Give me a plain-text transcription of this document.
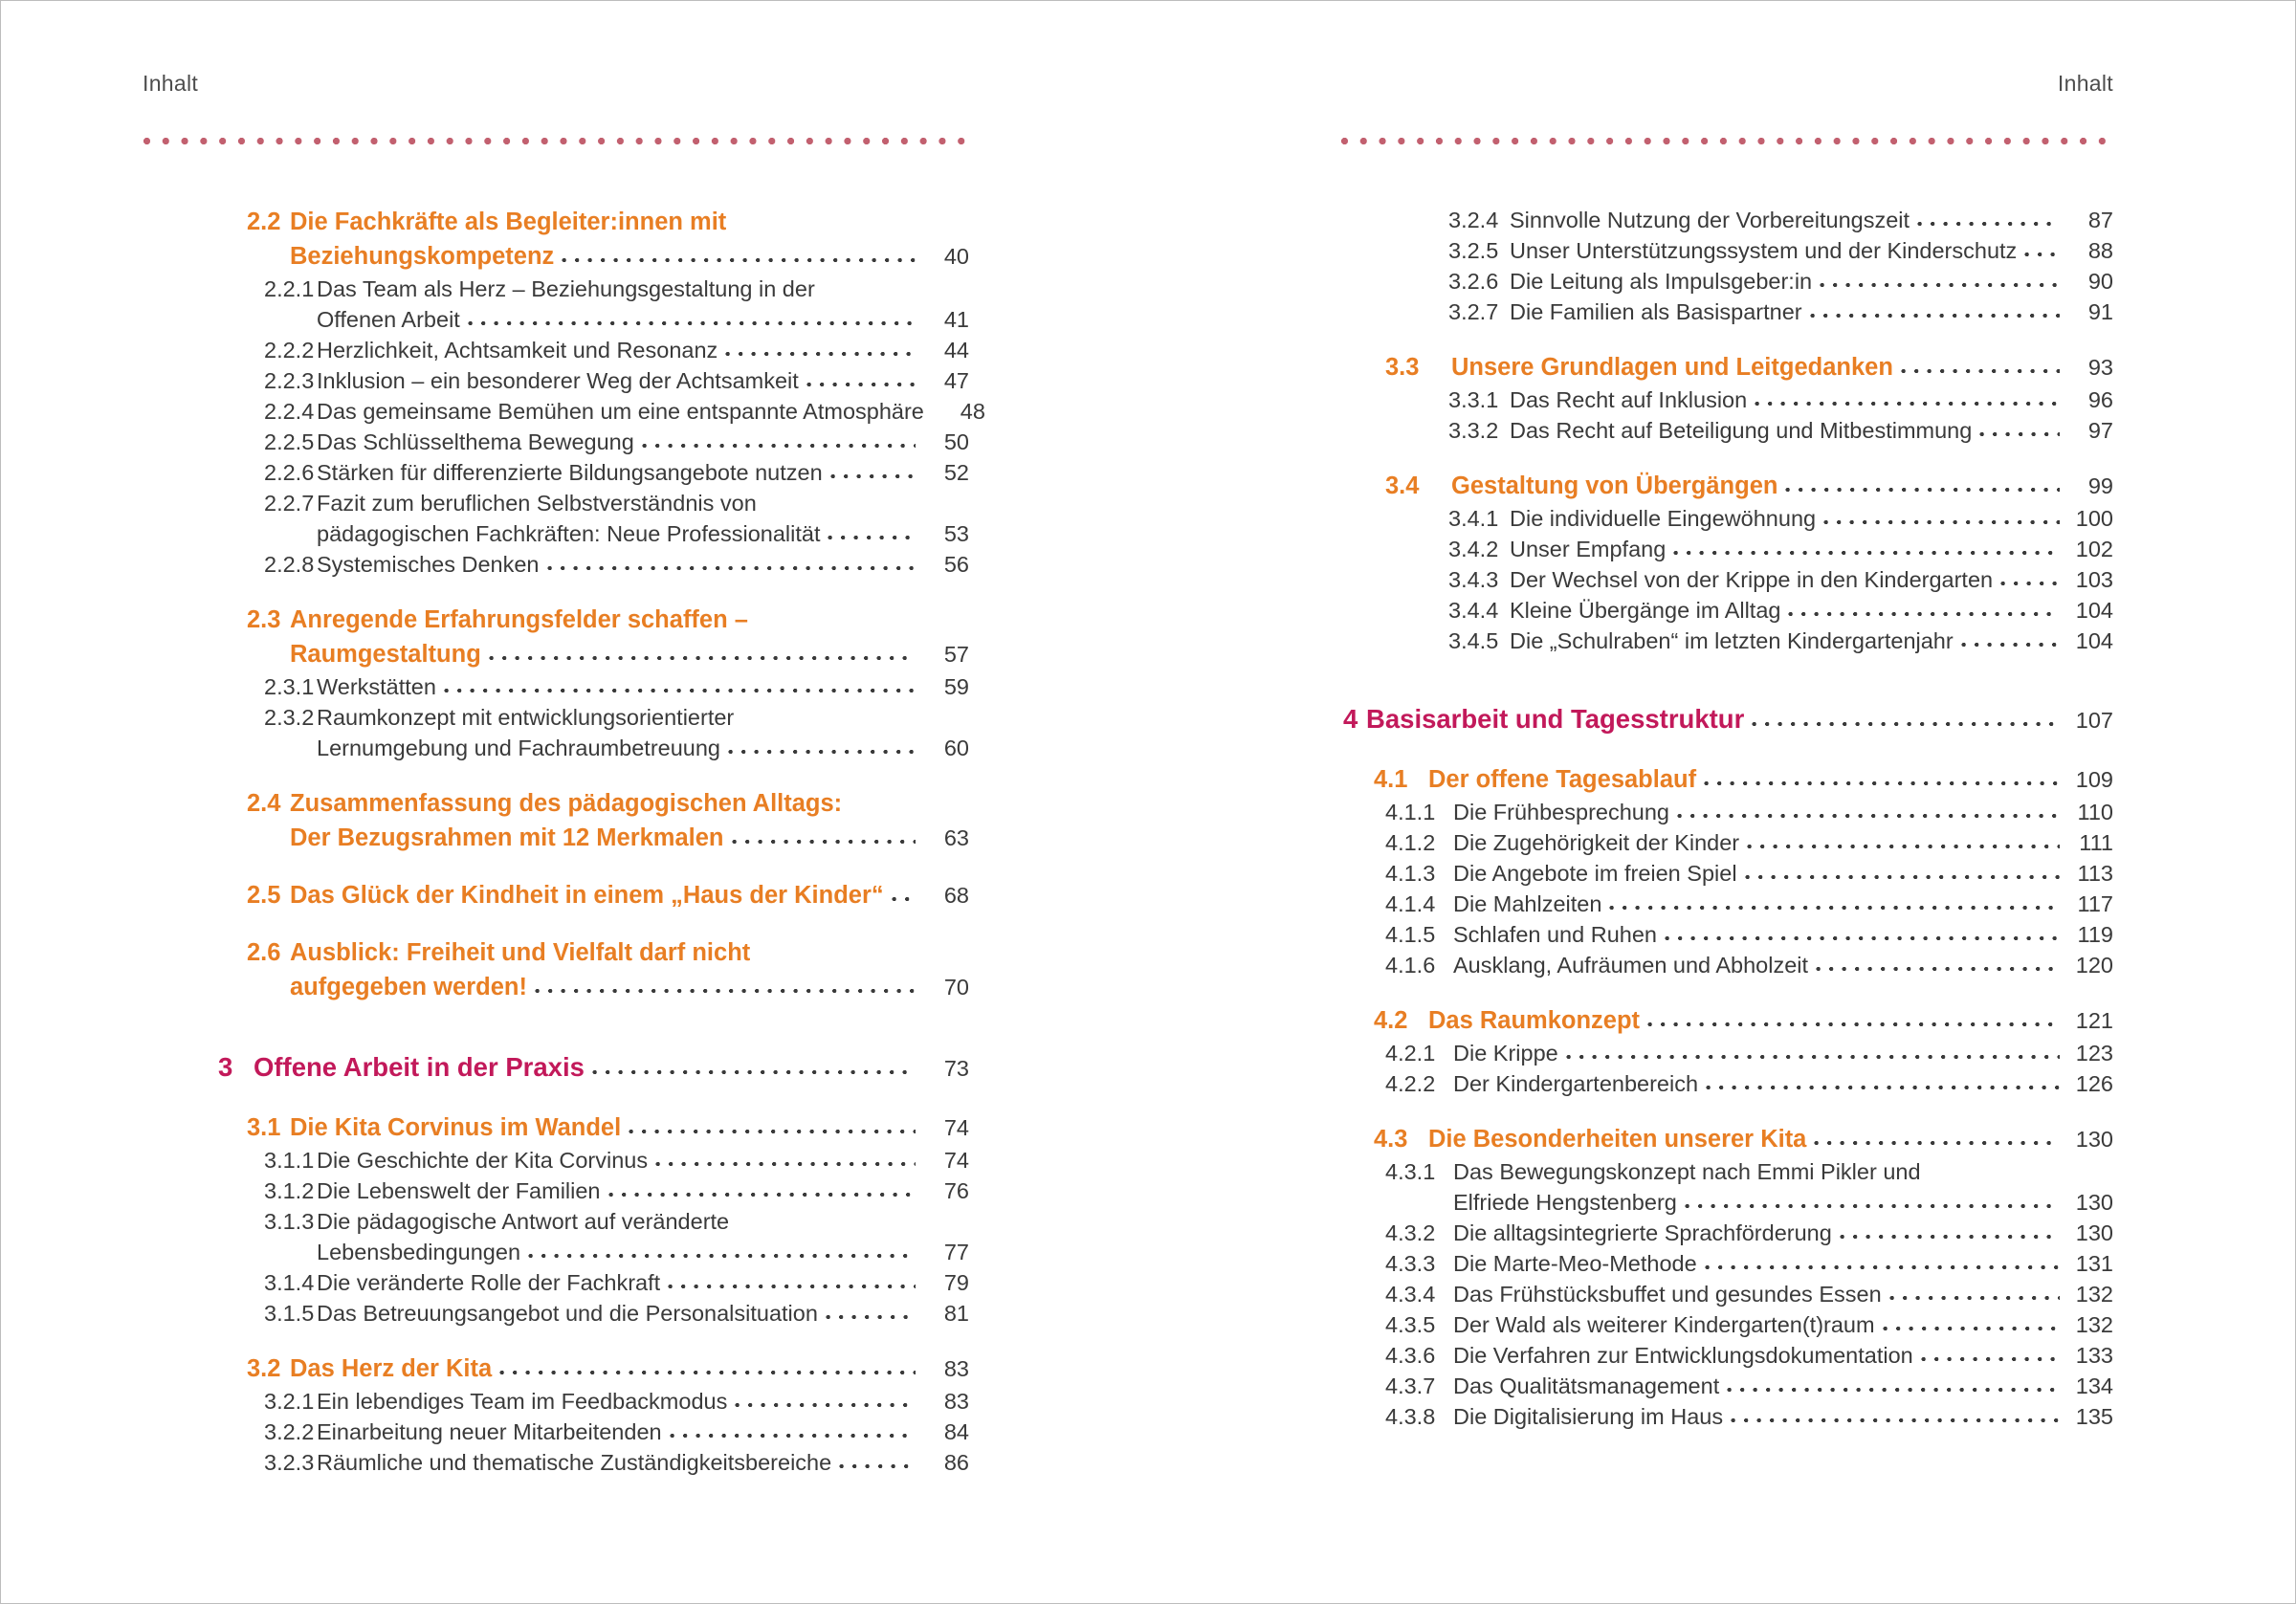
Inhalt
2.2 Die Fachkräfte als Begleiter:innen mit
Beziehungskompetenz	40
2.2.1 Das Team als Herz – Beziehungsgestaltung in der
Offenen Arbeit	41
2.2.2 Herzlichkeit, Achtsamkeit und Resonanz	44
2.2.3 Inklusion – ein besonderer Weg der Achtsamkeit	47
2.2.4 Das gemeinsame Bemühen um eine entspannte Atmosphäre	48
2.2.5 Das Schlüsselthema Bewegung	50
2.2.6 Stärken für differenzierte Bildungsangebote nutzen	52
2.2.7 Fazit zum beruflichen Selbstverständnis von
pädagogischen Fachkräften: Neue Professionalität	53
2.2.8 Systemisches Denken	56
2.3 Anregende Erfahrungsfelder schaffen –
Raumgestaltung	57
2.3.1 Werkstätten	59
2.3.2 Raumkonzept mit entwicklungsorientierter
Lernumgebung und Fachraumbetreuung	60
2.4 Zusammenfassung des pädagogischen Alltags:
Der Bezugsrahmen mit 12 Merkmalen	63
2.5 Das Glück der Kindheit in einem „Haus der Kinder“	68
2.6 Ausblick: Freiheit und Vielfalt darf nicht
aufgegeben werden!	70
3 Offene Arbeit in der Praxis	73
3.1 Die Kita Corvinus im Wandel	74
3.1.1 Die Geschichte der Kita Corvinus	74
3.1.2 Die Lebenswelt der Familien	76
3.1.3 Die pädagogische Antwort auf veränderte
Lebensbedingungen	77
3.1.4 Die veränderte Rolle der Fachkraft	79
3.1.5 Das Betreuungsangebot und die Personalsituation	81
3.2 Das Herz der Kita	83
3.2.1 Ein lebendiges Team im Feedbackmodus	83
3.2.2 Einarbeitung neuer Mitarbeitenden	84
3.2.3 Räumliche und thematische Zuständigkeitsbereiche	86
Inhalt
3.2.4 Sinnvolle Nutzung der Vorbereitungszeit	87
3.2.5 Unser Unterstützungssystem und der Kinderschutz	88
3.2.6 Die Leitung als Impulsgeber:in	90
3.2.7 Die Familien als Basispartner	91
3.3	Unsere Grundlagen und Leitgedanken	93
3.3.1 Das Recht auf Inklusion	96
3.3.2 Das Recht auf Beteiligung und Mitbestimmung	97
3.4	Gestaltung von Übergängen	99
3.4.1 Die individuelle Eingewöhnung	100
3.4.2 Unser Empfang	102
3.4.3 Der Wechsel von der Krippe in den Kindergarten	103
3.4.4 Kleine Übergänge im Alltag	104
3.4.5 Die „Schulraben“ im letzten Kindergartenjahr	104
4 Basisarbeit und Tagesstruktur	107
4.1 Der offene Tagesablauf	109
4.1.1 Die Frühbesprechung	110
4.1.2 Die Zugehörigkeit der Kinder	111
4.1.3 Die Angebote im freien Spiel	113
4.1.4 Die Mahlzeiten	117
4.1.5 Schlafen und Ruhen	119
4.1.6 Ausklang, Aufräumen und Abholzeit	120
4.2 Das Raumkonzept	121
4.2.1 Die Krippe	123
4.2.2 Der Kindergartenbereich	126
4.3 Die Besonderheiten unserer Kita	130
4.3.1 Das Bewegungskonzept nach Emmi Pikler und
Elfriede Hengstenberg	130
4.3.2 Die alltagsintegrierte Sprachförderung	130
4.3.3 Die Marte-Meo-Methode	131
4.3.4 Das Frühstücksbuffet und gesundes Essen	132
4.3.5 Der Wald als weiterer Kindergarten(t)raum	132
4.3.6 Die Verfahren zur Entwicklungsdokumentation	133
4.3.7 Das Qualitätsmanagement	134
4.3.8 Die Digitalisierung im Haus	135
